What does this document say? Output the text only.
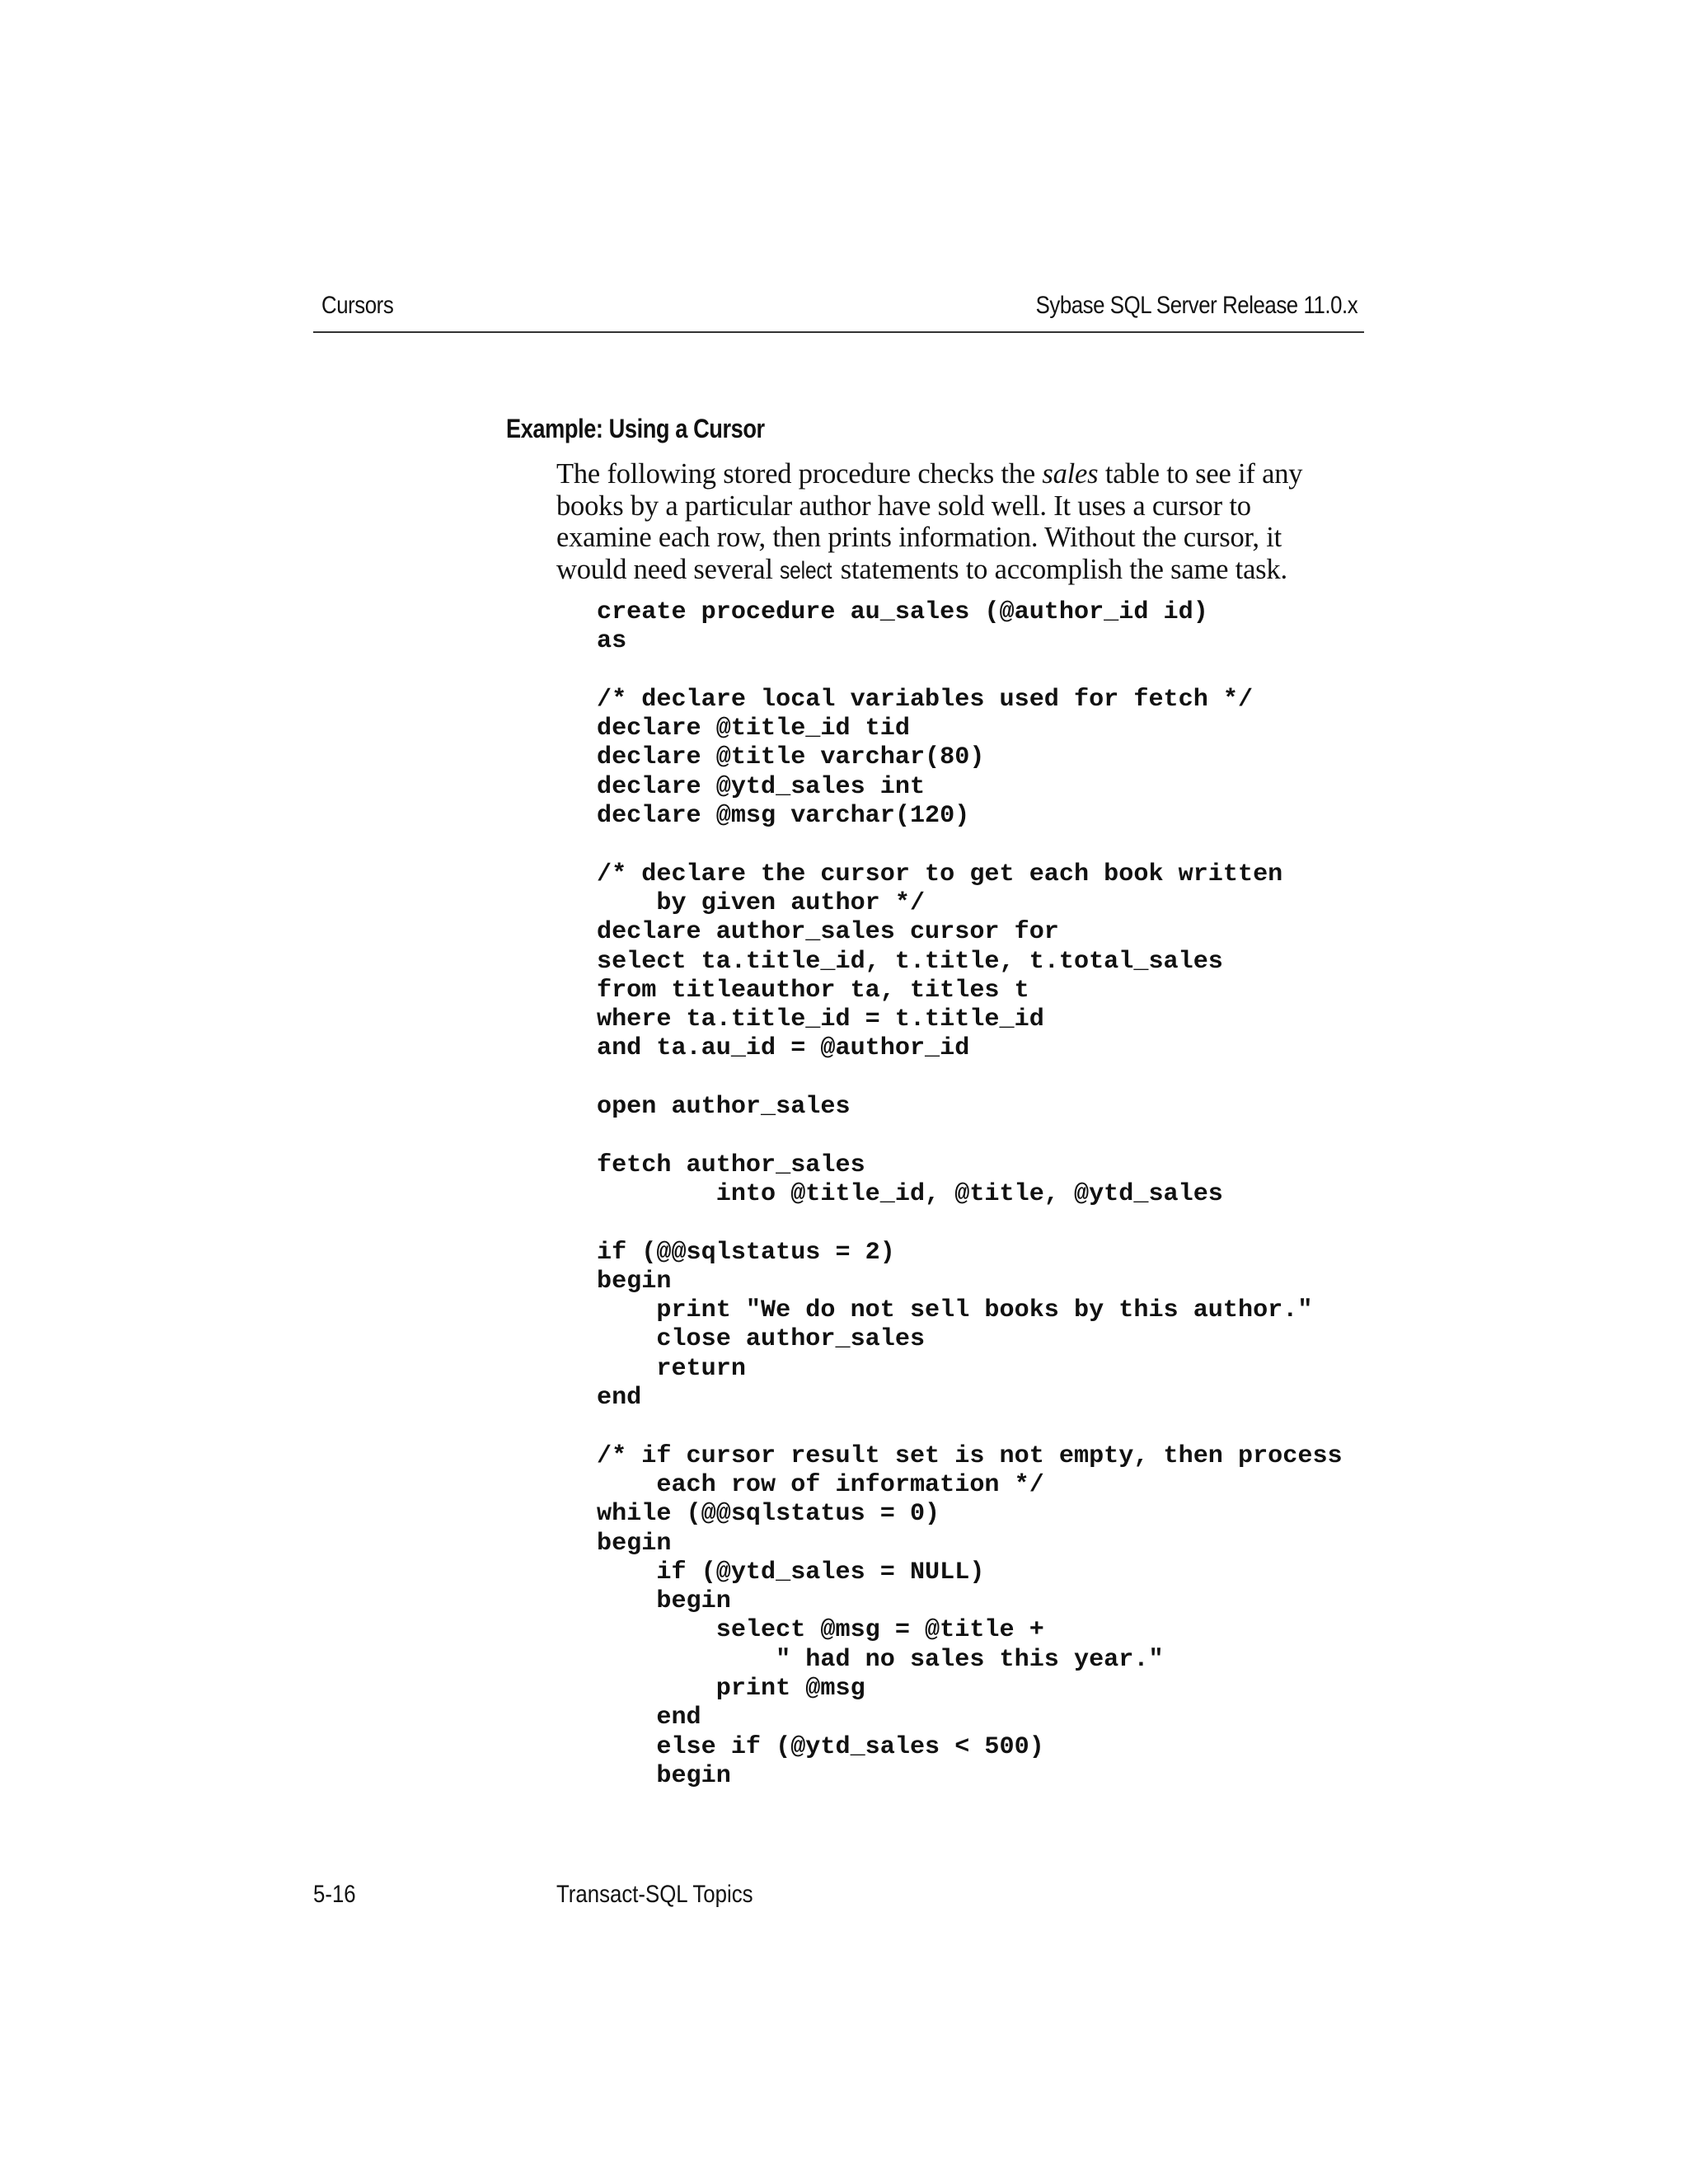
Cursors	Sybase SQL Server Release 11.0.x
Example: Using a Cursor
The following stored procedure checks the sales table to see if any
books by a particular author have sold well. It uses a cursor to
examine each row, then prints information. Without the cursor, it
would need several select statements to accomplish the same task.
create procedure au_sales (@author_id id)
as
/* declare local variables used for fetch */
declare @title_id tid
declare @title varchar(80)
declare @ytd_sales int
declare @msg varchar(120)
/* declare the cursor to get each book written
by given author */
declare author_sales cursor for
select ta.title_id, t.title, t.total_sales
from titleauthor ta, titles t
where ta.title_id = t.title_id
and ta.au_id = @author_id
open author_sales
fetch author_sales
into @title_id, @title, @ytd_sales
if (@@sqlstatus = 2)
begin
print "We do not sell books by this author."
close author_sales
return
end
/* if cursor result set is not empty, then process
each row of information */
while (@@sqlstatus = 0)
begin
if (@ytd_sales = NULL)
begin
select @msg = @title +
" had no sales this year."
print @msg
end
else if (@ytd_sales < 500)
begin
5-16	Transact-SQL Topics
